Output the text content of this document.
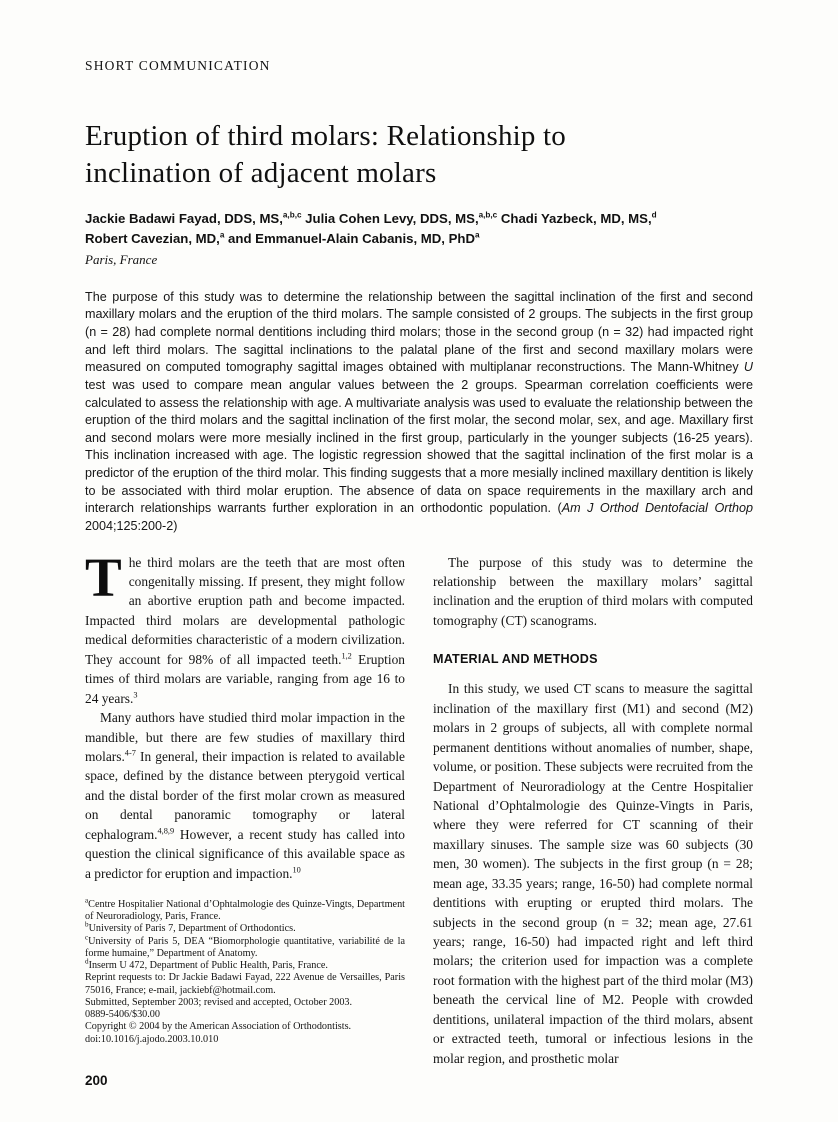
SHORT COMMUNICATION
Eruption of third molars: Relationship to inclination of adjacent molars
Jackie Badawi Fayad, DDS, MS,$^{a,b,c}$ Julia Cohen Levy, DDS, MS,$^{a,b,c}$ Chadi Yazbeck, MD, MS,$^d$
Robert Cavezian, MD,$^a$ and Emmanuel-Alain Cabanis, MD, PhD$^a$
Paris, France
The purpose of this study was to determine the relationship between the sagittal inclination of the first and second maxillary molars and the eruption of the third molars. The sample consisted of 2 groups. The subjects in the first group (n = 28) had complete normal dentitions including third molars; those in the second group (n = 32) had impacted right and left third molars. The sagittal inclinations to the palatal plane of the first and second maxillary molars were measured on computed tomography sagittal images obtained with multiplanar reconstructions. The Mann-Whitney U test was used to compare mean angular values between the 2 groups. Spearman correlation coefficients were calculated to assess the relationship with age. A multivariate analysis was used to evaluate the relationship between the eruption of the third molars and the sagittal inclination of the first molar, the second molar, sex, and age. Maxillary first and second molars were more mesially inclined in the first group, particularly in the younger subjects (16-25 years). This inclination increased with age. The logistic regression showed that the sagittal inclination of the first molar is a predictor of the eruption of the third molar. This finding suggests that a more mesially inclined maxillary dentition is likely to be associated with third molar eruption. The absence of data on space requirements in the maxillary arch and interarch relationships warrants further exploration in an orthodontic population. (Am J Orthod Dentofacial Orthop 2004;125:200-2)

The third molars are the teeth that are most often congenitally missing. If present, they might follow an abortive eruption path and become impacted. Impacted third molars are developmental pathologic medical deformities characteristic of a modern civilization. They account for 98% of all impacted teeth.$^{1,2}$ Eruption times of third molars are variable, ranging from age 16 to 24 years.$^3$

Many authors have studied third molar impaction in the mandible, but there are few studies of maxillary third molars.$^{4-7}$ In general, their impaction is related to available space, defined by the distance between pterygoid vertical and the distal border of the first molar crown as measured on dental panoramic tomography or lateral cephalogram.$^{4,8,9}$ However, a recent study has called into question the clinical significance of this available space as a predictor for eruption and impaction.$^{10}$

$^a$Centre Hospitalier National d’Ophtalmologie des Quinze-Vingts, Department of Neuroradiology, Paris, France.
$^b$University of Paris 7, Department of Orthodontics.
$^c$University of Paris 5, DEA “Biomorphologie quantitative, variabilité de la forme humaine,” Department of Anatomy.
$^d$Inserm U 472, Department of Public Health, Paris, France.
Reprint requests to: Dr Jackie Badawi Fayad, 222 Avenue de Versailles, Paris 75016, France; e-mail, jackiebf@hotmail.com.
Submitted, September 2003; revised and accepted, October 2003.
0889-5406/$30.00
Copyright © 2004 by the American Association of Orthodontists.
doi:10.1016/j.ajodo.2003.10.010

The purpose of this study was to determine the relationship between the maxillary molars’ sagittal inclination and the eruption of third molars with computed tomography (CT) scanograms.

MATERIAL AND METHODS

In this study, we used CT scans to measure the sagittal inclination of the maxillary first (M1) and second (M2) molars in 2 groups of subjects, all with complete normal permanent dentitions without anomalies of number, shape, volume, or position. These subjects were recruited from the Department of Neuroradiology at the Centre Hospitalier National d’Ophtalmologie des Quinze-Vingts in Paris, where they were referred for CT scanning of their maxillary sinuses. The sample size was 60 subjects (30 men, 30 women). The subjects in the first group (n = 28; mean age, 33.35 years; range, 16-50) had complete normal dentitions with erupting or erupted third molars. The subjects in the second group (n = 32; mean age, 27.61 years; range, 16-50) had impacted right and left third molars; the criterion used for impaction was a complete root formation with the highest part of the third molar (M3) beneath the cervical line of M2. People with crowded dentitions, unilateral impaction of the third molars, absent or extracted teeth, tumoral or infectious lesions in the molar region, and prosthetic molar

200
